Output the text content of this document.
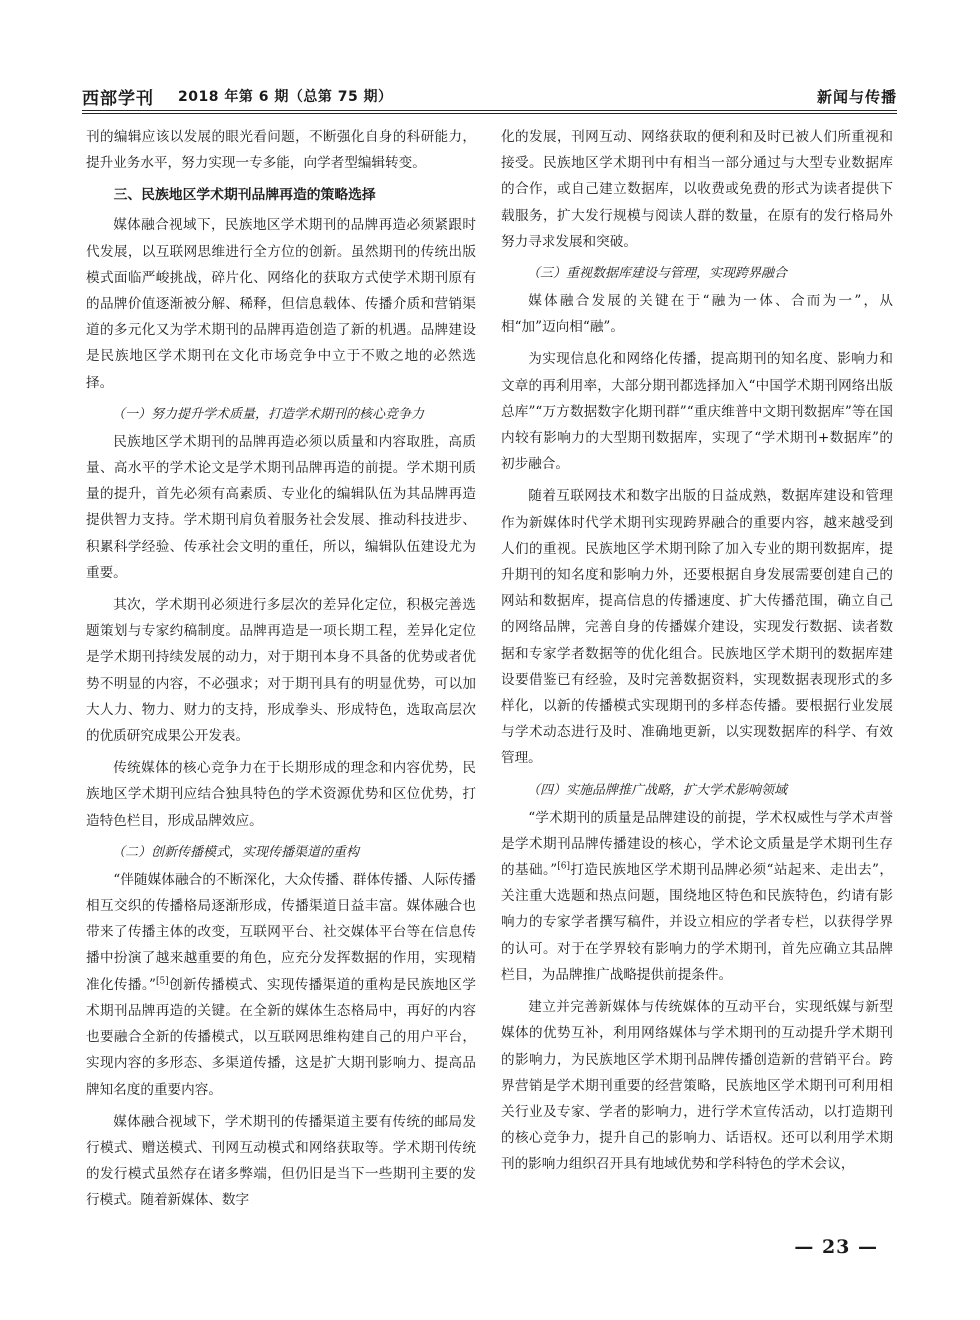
西部学刊 2018 年第 6 期（总第 75 期）	新闻与传播

刊的编辑应该以发展的眼光看问题，不断强化自身的科研能力，提升业务水平，努力实现一专多能，向学者型编辑转变。

三、民族地区学术期刊品牌再造的策略选择

媒体融合视域下，民族地区学术期刊的品牌再造必须紧跟时代发展，以互联网思维进行全方位的创新。虽然期刊的传统出版模式面临严峻挑战，碎片化、网络化的获取方式使学术期刊原有的品牌价值逐渐被分解、稀释，但信息载体、传播介质和营销渠道的多元化又为学术期刊的品牌再造创造了新的机遇。品牌建设是民族地区学术期刊在文化市场竞争中立于不败之地的必然选择。

（一）努力提升学术质量，打造学术期刊的核心竞争力

民族地区学术期刊的品牌再造必须以质量和内容取胜，高质量、高水平的学术论文是学术期刊品牌再造的前提。学术期刊质量的提升，首先必须有高素质、专业化的编辑队伍为其品牌再造提供智力支持。学术期刊肩负着服务社会发展、推动科技进步、积累科学经验、传承社会文明的重任，所以，编辑队伍建设尤为重要。

其次，学术期刊必须进行多层次的差异化定位，积极完善选题策划与专家约稿制度。品牌再造是一项长期工程，差异化定位是学术期刊持续发展的动力，对于期刊本身不具备的优势或者优势不明显的内容，不必强求；对于期刊具有的明显优势，可以加大人力、物力、财力的支持，形成拳头、形成特色，选取高层次的优质研究成果公开发表。

传统媒体的核心竞争力在于长期形成的理念和内容优势，民族地区学术期刊应结合独具特色的学术资源优势和区位优势，打造特色栏目，形成品牌效应。

（二）创新传播模式，实现传播渠道的重构

“伴随媒体融合的不断深化，大众传播、群体传播、人际传播相互交织的传播格局逐渐形成，传播渠道日益丰富。媒体融合也带来了传播主体的改变，互联网平台、社交媒体平台等在信息传播中扮演了越来越重要的角色，应充分发挥数据的作用，实现精准化传播。”[5]创新传播模式、实现传播渠道的重构是民族地区学术期刊品牌再造的关键。在全新的媒体生态格局中，再好的内容也要融合全新的传播模式，以互联网思维构建自己的用户平台，实现内容的多形态、多渠道传播，这是扩大期刊影响力、提高品牌知名度的重要内容。

媒体融合视域下，学术期刊的传播渠道主要有传统的邮局发行模式、赠送模式、刊网互动模式和网络获取等。学术期刊传统的发行模式虽然存在诸多弊端，但仍旧是当下一些期刊主要的发行模式。随着新媒体、数字

化的发展，刊网互动、网络获取的便利和及时已被人们所重视和接受。民族地区学术期刊中有相当一部分通过与大型专业数据库的合作，或自己建立数据库，以收费或免费的形式为读者提供下载服务，扩大发行规模与阅读人群的数量，在原有的发行格局外努力寻求发展和突破。

（三）重视数据库建设与管理，实现跨界融合

媒体融合发展的关键在于“融为一体、合而为一”，从相“加”迈向相“融”。

为实现信息化和网络化传播，提高期刊的知名度、影响力和文章的再利用率，大部分期刊都选择加入“中国学术期刊网络出版总库”“万方数据数字化期刊群”“重庆维普中文期刊数据库”等在国内较有影响力的大型期刊数据库，实现了“学术期刊+数据库”的初步融合。

随着互联网技术和数字出版的日益成熟，数据库建设和管理作为新媒体时代学术期刊实现跨界融合的重要内容，越来越受到人们的重视。民族地区学术期刊除了加入专业的期刊数据库，提升期刊的知名度和影响力外，还要根据自身发展需要创建自己的网站和数据库，提高信息的传播速度、扩大传播范围，确立自己的网络品牌，完善自身的传播媒介建设，实现发行数据、读者数据和专家学者数据等的优化组合。民族地区学术期刊的数据库建设要借鉴已有经验，及时完善数据资料，实现数据表现形式的多样化，以新的传播模式实现期刊的多样态传播。要根据行业发展与学术动态进行及时、准确地更新，以实现数据库的科学、有效管理。

（四）实施品牌推广战略，扩大学术影响领域

“学术期刊的质量是品牌建设的前提，学术权威性与学术声誉是学术期刊品牌传播建设的核心，学术论文质量是学术期刊生存的基础。”[6]打造民族地区学术期刊品牌必须“站起来、走出去”，关注重大选题和热点问题，围绕地区特色和民族特色，约请有影响力的专家学者撰写稿件，并设立相应的学者专栏，以获得学界的认可。对于在学界较有影响力的学术期刊，首先应确立其品牌栏目，为品牌推广战略提供前提条件。

建立并完善新媒体与传统媒体的互动平台，实现纸媒与新型媒体的优势互补，利用网络媒体与学术期刊的互动提升学术期刊的影响力，为民族地区学术期刊品牌传播创造新的营销平台。跨界营销是学术期刊重要的经营策略，民族地区学术期刊可利用相关行业及专家、学者的影响力，进行学术宣传活动，以打造期刊的核心竞争力，提升自己的影响力、话语权。还可以利用学术期刊的影响力组织召开具有地域优势和学科特色的学术会议，

— 23 —
